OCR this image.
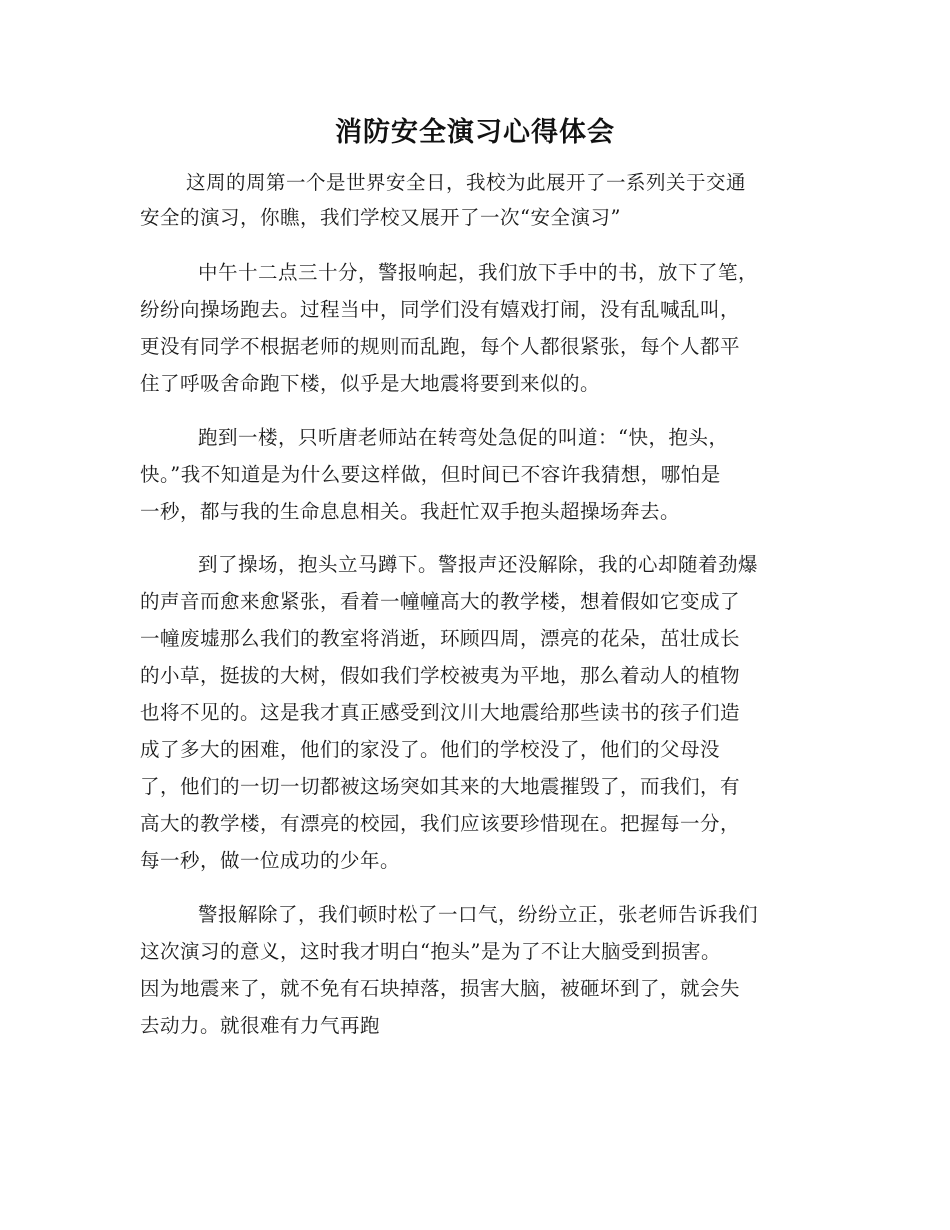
消防安全演习心得体会
这周的周第一个是世界安全日，我校为此展开了一系列关于交通
安全的演习，你瞧，我们学校又展开了一次“安全演习”
中午十二点三十分，警报响起，我们放下手中的书，放下了笔，
纷纷向操场跑去。过程当中，同学们没有嬉戏打闹，没有乱喊乱叫，
更没有同学不根据老师的规则而乱跑，每个人都很紧张，每个人都平
住了呼吸舍命跑下楼，似乎是大地震将要到来似的。
跑到一楼，只听唐老师站在转弯处急促的叫道：“快，抱头，
快。”我不知道是为什么要这样做，但时间已不容许我猜想，哪怕是
一秒，都与我的生命息息相关。我赶忙双手抱头超操场奔去。
到了操场，抱头立马蹲下。警报声还没解除，我的心却随着劲爆
的声音而愈来愈紧张，看着一幢幢高大的教学楼，想着假如它变成了
一幢废墟那么我们的教室将消逝，环顾四周，漂亮的花朵，茁壮成长
的小草，挺拔的大树，假如我们学校被夷为平地，那么着动人的植物
也将不见的。这是我才真正感受到汶川大地震给那些读书的孩子们造
成了多大的困难，他们的家没了。他们的学校没了，他们的父母没
了，他们的一切一切都被这场突如其来的大地震摧毁了，而我们，有
高大的教学楼，有漂亮的校园，我们应该要珍惜现在。把握每一分，
每一秒，做一位成功的少年。
警报解除了，我们顿时松了一口气，纷纷立正，张老师告诉我们
这次演习的意义，这时我才明白“抱头”是为了不让大脑受到损害。
因为地震来了，就不免有石块掉落，损害大脑，被砸坏到了，就会失
去动力。就很难有力气再跑
